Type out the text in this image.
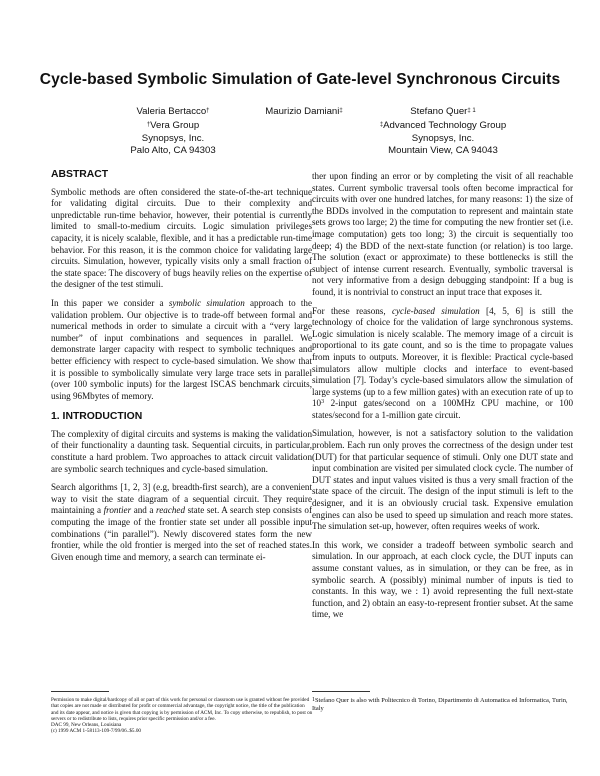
Cycle-based Symbolic Simulation of Gate-level Synchronous Circuits
Valeria Bertacco†
†Vera Group
Synopsys, Inc.
Palo Alto, CA 94303
Maurizio Damiani‡	Stefano Quer$^{\ddagger 1}$
‡Advanced Technology Group
Synopsys, Inc.
Mountain View, CA 94043
ABSTRACT

Symbolic methods are often considered the state-of-the-art technique for validating digital circuits. Due to their complexity and unpredictable run-time behavior, however, their potential is currently limited to small-to-medium circuits. Logic simulation privileges capacity, it is nicely scalable, flexible, and it has a predictable run-time behavior. For this reason, it is the common choice for validating large circuits. Simulation, however, typically visits only a small fraction of the state space: The discovery of bugs heavily relies on the expertise of the designer of the test stimuli.

In this paper we consider a symbolic simulation approach to the validation problem. Our objective is to trade-off between formal and numerical methods in order to simulate a circuit with a “very large number” of input combinations and sequences in parallel. We demonstrate larger capacity with respect to symbolic techniques and better efficiency with respect to cycle-based simulation. We show that it is possible to symbolically simulate very large trace sets in parallel (over 100 symbolic inputs) for the largest ISCAS benchmark circuits, using 96Mbytes of memory.

1. INTRODUCTION

The complexity of digital circuits and systems is making the validation of their functionality a daunting task. Sequential circuits, in particular, constitute a hard problem. Two approaches to attack circuit validation are symbolic search techniques and cycle-based simulation.

Search algorithms [1, 2, 3] (e.g, breadth-first search), are a convenient way to visit the state diagram of a sequential circuit. They require maintaining a frontier and a reached state set. A search step consists of computing the image of the frontier state set under all possible input combinations (“in parallel”). Newly discovered states form the new frontier, while the old frontier is merged into the set of reached states. Given enough time and memory, a search can terminate ei-

ther upon finding an error or by completing the visit of all reachable states. Current symbolic traversal tools often become impractical for circuits with over one hundred latches, for many reasons: 1) the size of the BDDs involved in the computation to represent and maintain state sets grows too large; 2) the time for computing the new frontier set (i.e. image computation) gets too long; 3) the circuit is sequentially too deep; 4) the BDD of the next-state function (or relation) is too large. The solution (exact or approximate) to these bottlenecks is still the subject of intense current research. Eventually, symbolic traversal is not very informative from a design debugging standpoint: If a bug is found, it is nontrivial to construct an input trace that exposes it.

For these reasons, cycle-based simulation [4, 5, 6] is still the technology of choice for the validation of large synchronous systems. Logic simulation is nicely scalable. The memory image of a circuit is proportional to its gate count, and so is the time to propagate values from inputs to outputs. Moreover, it is flexible: Practical cycle-based simulators allow multiple clocks and interface to event-based simulation [7]. Today’s cycle-based simulators allow the simulation of large systems (up to a few million gates) with an execution rate of up to $10^3$ 2-input gates/second on a 100MHz CPU machine, or 100 states/second for a 1-million gate circuit.

Simulation, however, is not a satisfactory solution to the validation problem. Each run only proves the correctness of the design under test (DUT) for that particular sequence of stimuli. Only one DUT state and input combination are visited per simulated clock cycle. The number of DUT states and input values visited is thus a very small fraction of the state space of the circuit. The design of the input stimuli is left to the designer, and it is an obviously crucial task. Expensive emulation engines can also be used to speed up simulation and reach more states. The simulation set-up, however, often requires weeks of work.

In this work, we consider a tradeoff between symbolic search and simulation. In our approach, at each clock cycle, the DUT inputs can assume constant values, as in simulation, or they can be free, as in symbolic search. A (possibly) minimal number of inputs is tied to constants. In this way, we : 1) avoid representing the full next-state function, and 2) obtain an easy-to-represent frontier subset. At the same time, we

Permission to make digital/hardcopy of all or part of this work for personal or classroom use is granted without fee provided that copies are not made or distributed for profit or commercial advantage, the copyright notice, the title of the publication and its date appear, and notice is given that copying is by permission of ACM, Inc. To copy otherwise, to republish, to post on servers or to redistribute to lists, requires prior specific permission and/or a fee.
DAC 99, New Orleans, Louisiana
(c) 1999 ACM 1-58113-109-7/99/06..$5.00
$^1$Stefano Quer is also with Politecnico di Torino, Dipartimento di Automatica ed Informatica, Turin, Italy
